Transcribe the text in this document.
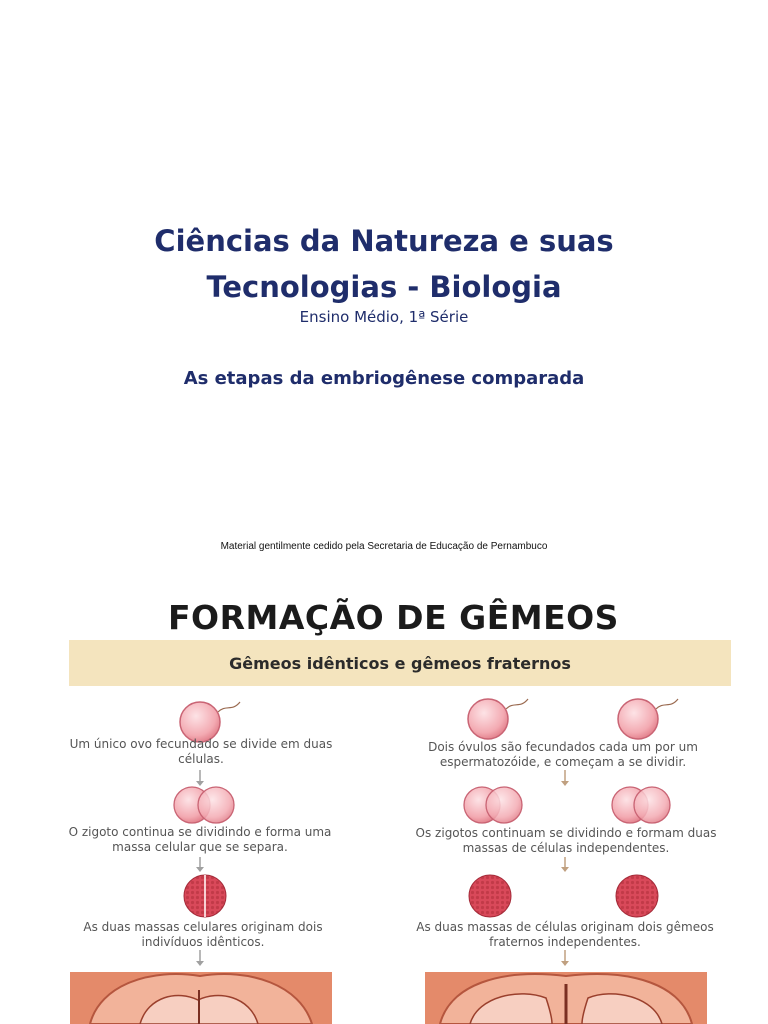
Ciências da Natureza e suas
Tecnologias - Biologia
Ensino Médio, 1ª Série
As etapas da embriogênese comparada
Material gentilmente cedido pela Secretaria de Educação de Pernambuco
FORMAÇÃO DE GÊMEOS
Gêmeos idênticos e gêmeos fraternos
Um único ovo fecundado se divide em duas células.
O zigoto continua se dividindo e forma uma massa celular que se separa.
As duas massas celulares originam dois indivíduos idênticos.
Dois óvulos são fecundados cada um por um espermatozóide, e começam a se dividir.
Os zigotos continuam se dividindo e formam duas massas de células independentes.
As duas massas de células originam dois gêmeos fraternos independentes.
